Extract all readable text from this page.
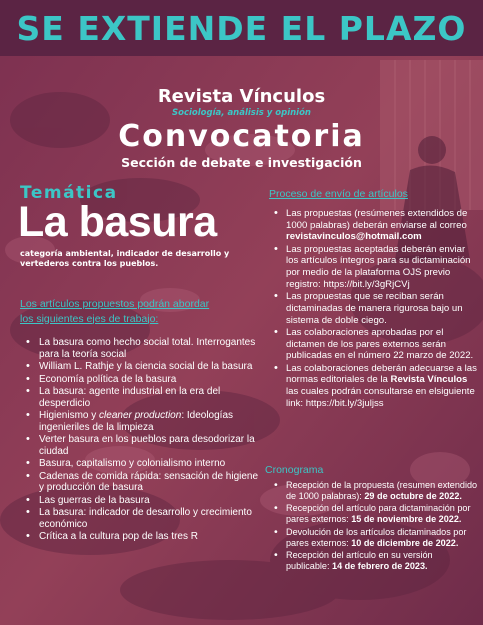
SE EXTIENDE EL PLAZO
Revista Vínculos
Sociología, análisis y opinión
Convocatoria
Sección de debate e investigación
Temática
La basura
categoría ambiental, indicador de desarrollo y vertederos contra los pueblos.
Los artículos propuestos podrán abordar
los siguientes ejes de trabajo:
• La basura como hecho social total. Interrogantes para la teoría social
• William L. Rathje y la ciencia social de la basura
• Economía política de la basura
• La basura: agente industrial en la era del desperdicio
• Higienismo y cleaner production: Ideologías ingenieriles de la limpieza
• Verter basura en los pueblos para desodorizar la ciudad
• Basura, capitalismo y colonialismo interno
• Cadenas de comida rápida: sensación de higiene y producción de basura
• Las guerras de la basura
• La basura: indicador de desarrollo y crecimiento económico
• Crítica a la cultura pop de las tres R
Proceso de envío de artículos
• Las propuestas (resúmenes extendidos de 1000 palabras) deberán enviarse al correo revistavinculos@hotmail.com
• Las propuestas aceptadas deberán enviar los artículos íntegros para su dictaminación por medio de la plataforma OJS previo registro: https://bit.ly/3gRjCVj
• Las propuestas que se reciban serán dictaminadas de manera rigurosa bajo un sistema de doble ciego.
• Las colaboraciones aprobadas por el dictamen de los pares externos serán publicadas en el número 22 marzo de 2022.
• Las colaboraciones deberán adecuarse a las normas editoriales de la Revista Vínculos las cuales podrán consultarse en elsiguiente link: https://bit.ly/3juljss
Cronograma
• Recepción de la propuesta (resumen extendido de 1000 palabras): 29 de octubre de 2022.
• Recepción del artículo para dictaminación por pares externos: 15 de noviembre de 2022.
• Devolución de los artículos dictaminados por pares externos: 10 de diciembre de 2022.
• Recepción del artículo en su versión publicable: 14 de febrero de 2023.
